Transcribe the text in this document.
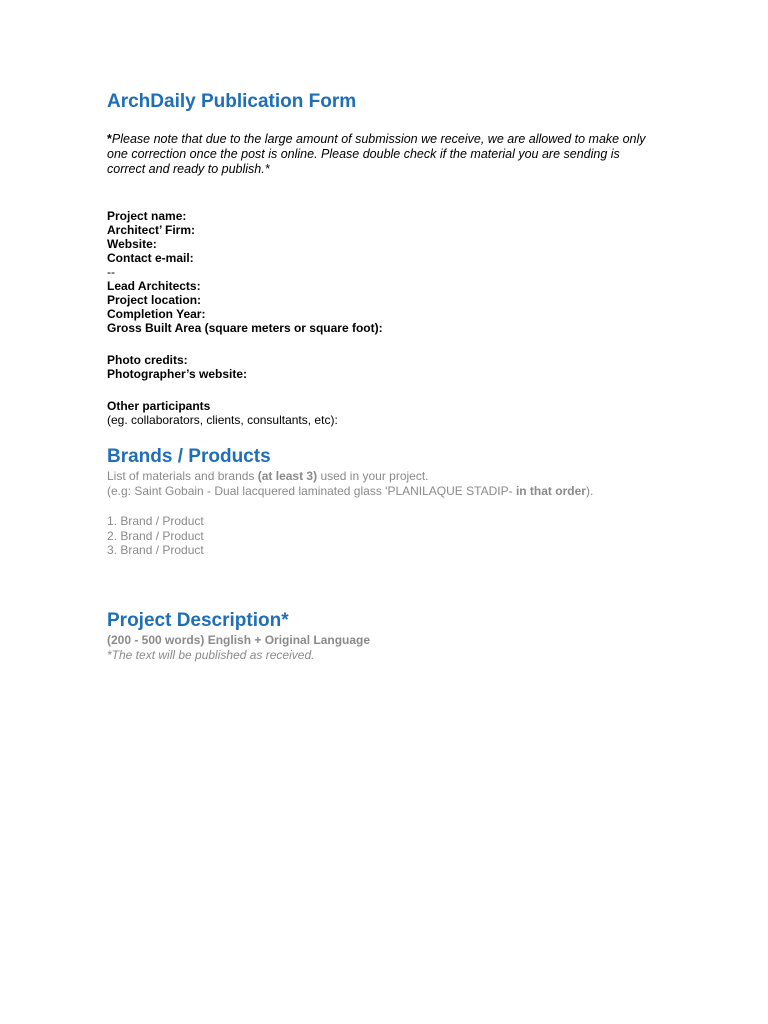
ArchDaily Publication Form
*Please note that due to the large amount of submission we receive, we are allowed to make only one correction once the post is online. Please double check if the material you are sending is correct and ready to publish.*
Project name:
Architect’ Firm:
Website:
Contact e-mail:
--
Lead Architects:
Project location:
Completion Year:
Gross Built Area (square meters or square foot):
Photo credits:
Photographer’s website:
Other participants
(eg. collaborators, clients, consultants, etc):
Brands / Products
List of materials and brands (at least 3) used in your project.
(e.g: Saint Gobain - Dual lacquered laminated glass 'PLANILAQUE STADIP- in that order).
1. Brand / Product
2. Brand / Product
3. Brand / Product
Project Description*
(200 - 500 words) English + Original Language
*The text will be published as received.
